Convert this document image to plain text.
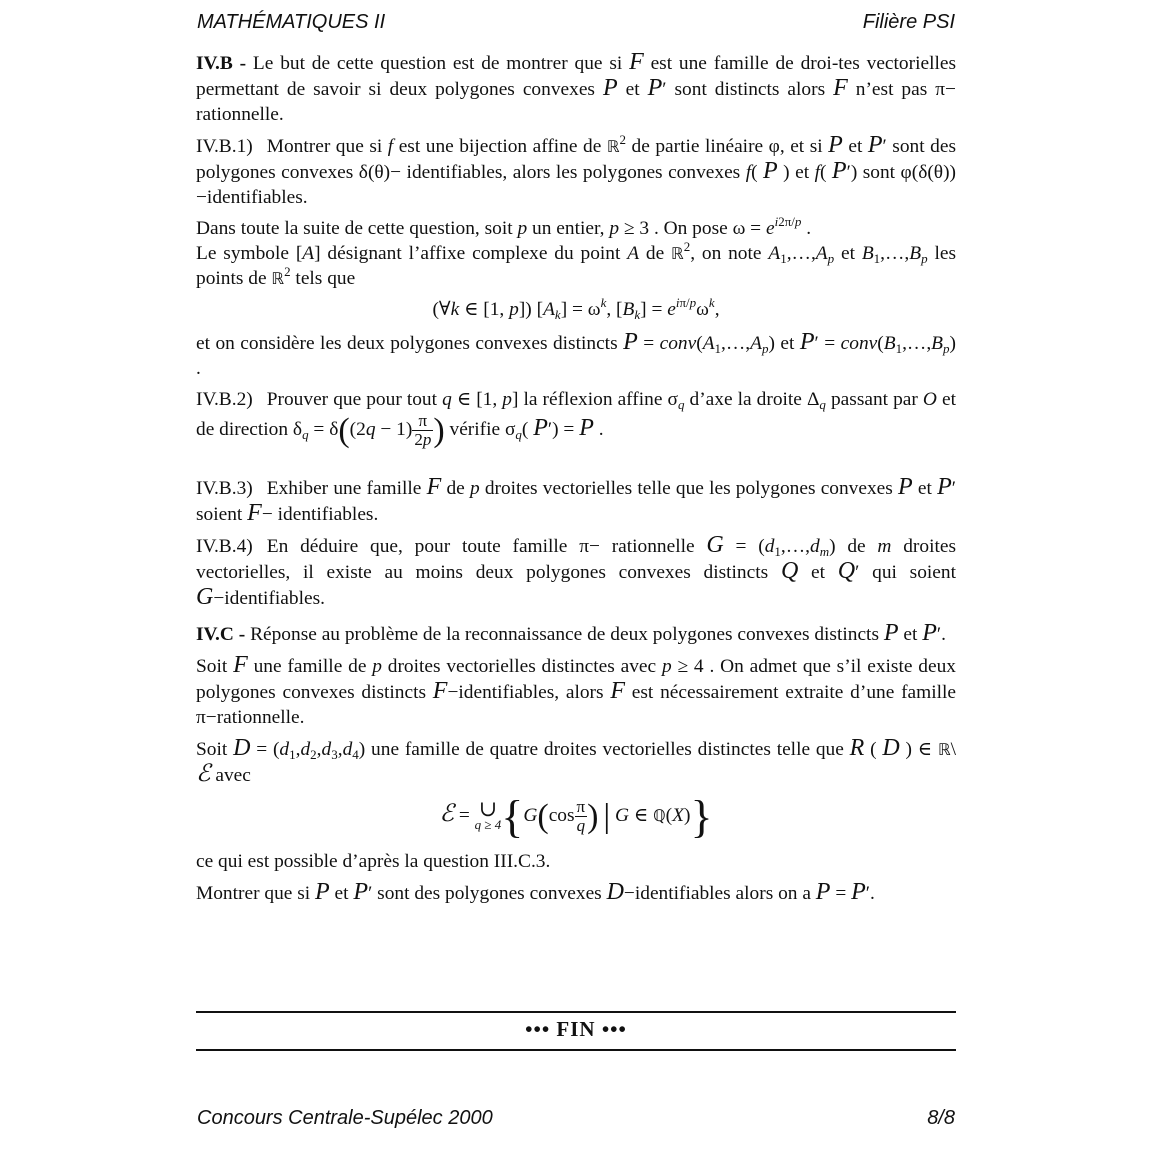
MATHÉMATIQUES II	Filière PSI

IV.B - Le but de cette question est de montrer que si F est une famille de droi-tes vectorielles permettant de savoir si deux polygones convexes P et P′ sont distincts alors F n’est pas π− rationnelle.

IV.B.1) Montrer que si f est une bijection affine de ℝ$^2$ de partie linéaire φ, et si P et P′ sont des polygones convexes δ(θ)− identifiables, alors les polygones convexes f( P ) et f( P′) sont φ(δ(θ)) −identifiables.

Dans toute la suite de cette question, soit p un entier, p ≥ 3 . On pose $\omega = e^{i2\pi/p}$ .
Le symbole [A] désignant l’affixe complexe du point A de ℝ$^2$, on note $A_1,\dots,A_p$ et $B_1,\dots,B_p$ les points de ℝ$^2$ tels que

(∀k ∈ [1, p]) $[A_k] = \omega^k$, $[B_k] = e^{i\pi/p}\omega^k$,

et on considère les deux polygones convexes distincts $P = conv(A_1,\dots,A_p)$ et $P' = conv(B_1,\dots,B_p)$ .

IV.B.2) Prouver que pour tout q ∈ [1, p] la réflexion affine $\sigma_q$ d’axe la droite $\Delta_q$ passant par O et de direction $\delta_q = \delta((2q - 1) \frac{\pi}{2p}$ ) vérifie $\sigma_q$( P′) = P .

IV.B.3) Exhiber une famille F de p droites vectorielles telle que les polygones convexes P et P′ soient F− identifiables.

IV.B.4) En déduire que, pour toute famille π− rationnelle $G = (d_1,\dots,d_m)$ de m droites vectorielles, il existe au moins deux polygones convexes distincts Q et Q′ qui soient G−identifiables.

IV.C - Réponse au problème de la reconnaissance de deux polygones convexes distincts P et P′.

Soit F une famille de p droites vectorielles distinctes avec p ≥ 4 . On admet que s’il existe deux polygones convexes distincts F−identifiables, alors F est nécessairement extraite d’une famille π−rationnelle.

Soit $D = (d_1,d_2,d_3,d_4)$ une famille de quatre droites vectorielles distinctes telle que R ( D ) ∈ ℝ\ ℰ avec

ℰ = ∪
q ≥ 4 {$G(\cos \frac{\pi}{q}$ ) | G ∈ ℚ(X)}

ce qui est possible d’après la question III.C.3.

Montrer que si P et P′ sont des polygones convexes D−identifiables alors on a P = P′.

••• FIN •••
Concours Centrale-Supélec 2000	8/8
